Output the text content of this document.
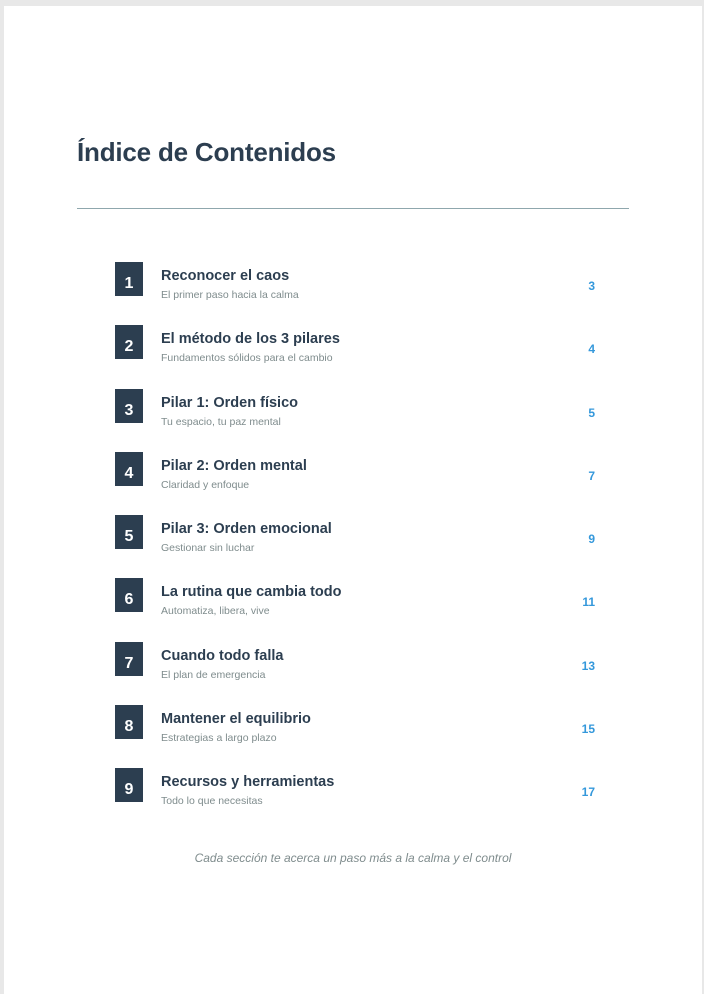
Índice de Contenidos
1	Reconocer el caos
El primer paso hacia la calma
3
2	El método de los 3 pilares
Fundamentos sólidos para el cambio
4
3	Pilar 1: Orden físico
Tu espacio, tu paz mental
5
4	Pilar 2: Orden mental
Claridad y enfoque
7
5	Pilar 3: Orden emocional
Gestionar sin luchar
9
6	La rutina que cambia todo
Automatiza, libera, vive
11
7	Cuando todo falla
El plan de emergencia
13
8	Mantener el equilibrio
Estrategias a largo plazo
15
9	Recursos y herramientas
Todo lo que necesitas
17
Cada sección te acerca un paso más a la calma y el control
